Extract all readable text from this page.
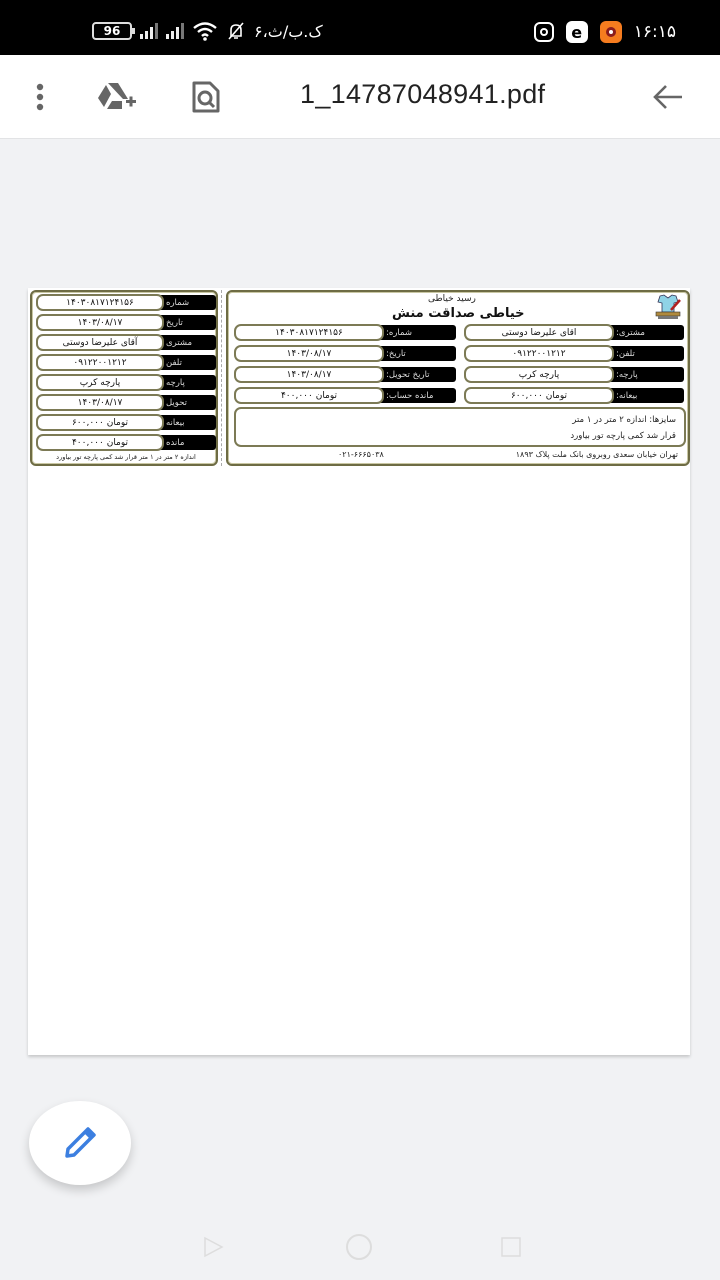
96	۶،ک.ب/ث	e	۱۶:۱۵
1_14787048941.pdf
۱۴۰۳۰۸۱۷۱۲۴۱۵۶	شماره
۱۴۰۳/۰۸/۱۷	تاریخ
آقای علیرضا دوستی	مشتری
۰۹۱۲۲۰۰۱۲۱۲	تلفن
پارچه کرپ	پارچه
۱۴۰۳/۰۸/۱۷	تحویل
۶۰۰,۰۰۰ تومان	بیعانه
۴۰۰,۰۰۰ تومان	مانده
اندازه ۲ متر در ۱ متر قرار شد کمی پارچه تور بیاورد
رسید خیاطی
خیاطی صداقت منش
اقای علیرضا دوستی	مشتری:
۰۹۱۲۲۰۰۱۲۱۲	تلفن:
پارچه کرپ	پارچه:
۶۰۰,۰۰۰ تومان	بیعانه:
۱۴۰۳۰۸۱۷۱۲۴۱۵۶	شماره:
۱۴۰۳/۰۸/۱۷	تاریخ:
۱۴۰۳/۰۸/۱۷	تاریخ تحویل:
۴۰۰,۰۰۰ تومان	مانده حساب:
سایزها: اندازه ۲ متر در ۱ متر
قرار شد کمی پارچه تور بیاورد
تهران خیابان سعدی روبروی بانک ملت پلاک ۱۸۹۳
۰۲۱-۶۶۶۵۰۳۸
